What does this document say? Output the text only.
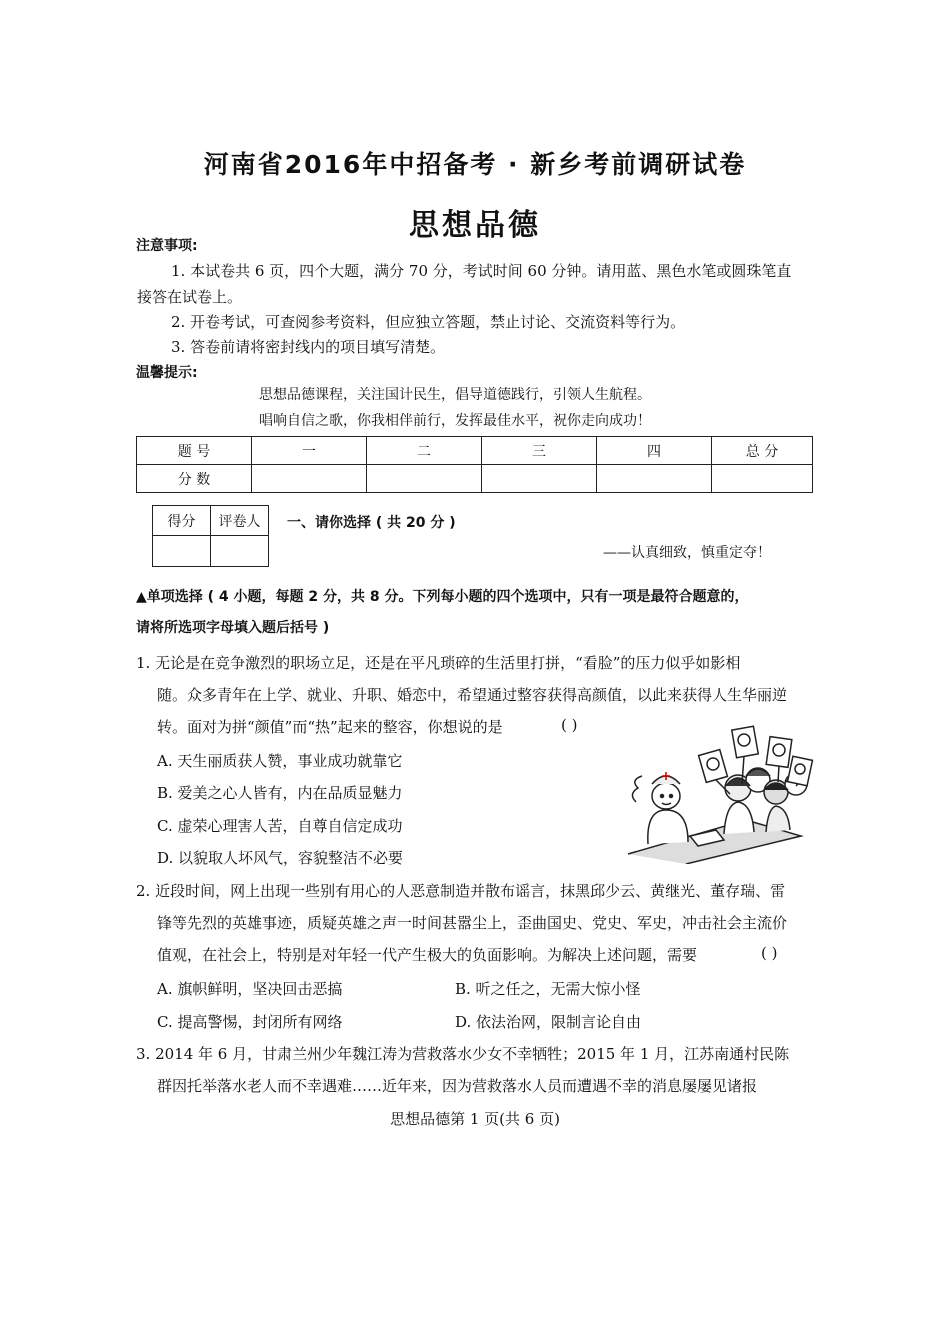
河南省2016年中招备考 · 新乡考前调研试卷
思想品德
注意事项:
1. 本试卷共 6 页，四个大题，满分 70 分，考试时间 60 分钟。请用蓝、黑色水笔或圆珠笔直
接答在试卷上。
2. 开卷考试，可查阅参考资料，但应独立答题，禁止讨论、交流资料等行为。
3. 答卷前请将密封线内的项目填写清楚。
温馨提示:
思想品德课程，关注国计民生，倡导道德践行，引领人生航程。
唱响自信之歌，你我相伴前行，发挥最佳水平，祝你走向成功！
题 号	一	二	三	四	总 分
分 数					
得分	评卷人
	一、请你选择 ( 共 20 分 )
——认真细致，慎重定夺！
▲单项选择 ( 4 小题，每题 2 分，共 8 分。下列每小题的四个选项中，只有一项是最符合题意的，
请将所选项字母填入题后括号 )
1. 无论是在竞争激烈的职场立足，还是在平凡琐碎的生活里打拼，“看脸”的压力似乎如影相
随。众多青年在上学、就业、升职、婚恋中，希望通过整容获得高颜值，以此来获得人生华丽逆
转。面对为拼“颜值”而“热”起来的整容，你想说的是	( )
A. 天生丽质获人赞，事业成功就靠它
B. 爱美之心人皆有，内在品质显魅力
C. 虚荣心理害人苦，自尊自信定成功
D. 以貌取人坏风气，容貌整洁不必要
2. 近段时间，网上出现一些别有用心的人恶意制造并散布谣言，抹黑邱少云、黄继光、董存瑞、雷
锋等先烈的英雄事迹，质疑英雄之声一时间甚嚣尘上，歪曲国史、党史、军史，冲击社会主流价
值观，在社会上，特别是对年轻一代产生极大的负面影响。为解决上述问题，需要	( )
A. 旗帜鲜明，坚决回击恶搞	B. 听之任之，无需大惊小怪
C. 提高警惕，封闭所有网络	D. 依法治网，限制言论自由
3. 2014 年 6 月，甘肃兰州少年魏江涛为营救落水少女不幸牺牲；2015 年 1 月，江苏南通村民陈
群因托举落水老人而不幸遇难……近年来，因为营救落水人员而遭遇不幸的消息屡屡见诸报
思想品德第 1 页(共 6 页)
